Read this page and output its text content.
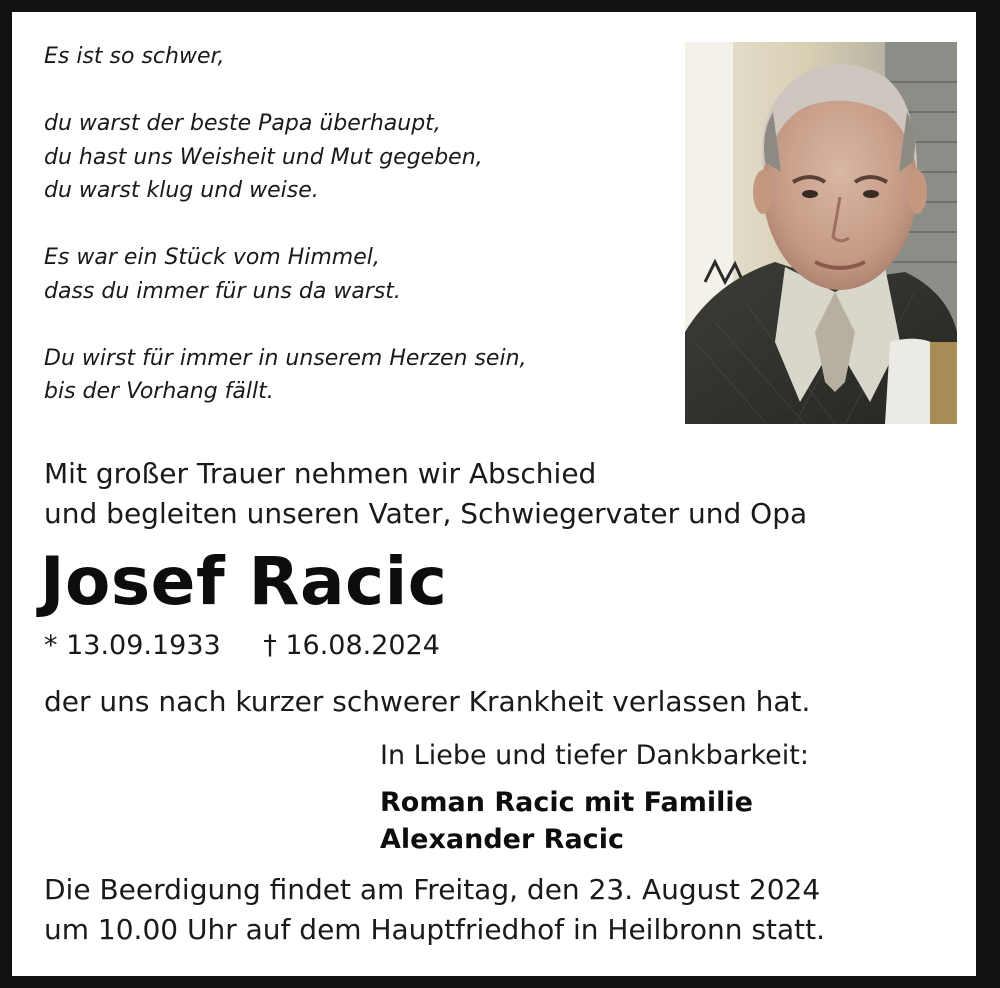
Es ist so schwer,

du warst der beste Papa überhaupt,
du hast uns Weisheit und Mut gegeben,
du warst klug und weise.

Es war ein Stück vom Himmel,
dass du immer für uns da warst.

Du wirst für immer in unserem Herzen sein,
bis der Vorhang fällt.

Mit großer Trauer nehmen wir Abschied
und begleiten unseren Vater, Schwiegervater und Opa
Josef Racic
* 13.09.1933 † 16.08.2024
der uns nach kurzer schwerer Krankheit verlassen hat.
In Liebe und tiefer Dankbarkeit:
Roman Racic mit Familie
Alexander Racic
Die Beerdigung findet am Freitag, den 23. August 2024
um 10.00 Uhr auf dem Hauptfriedhof in Heilbronn statt.
